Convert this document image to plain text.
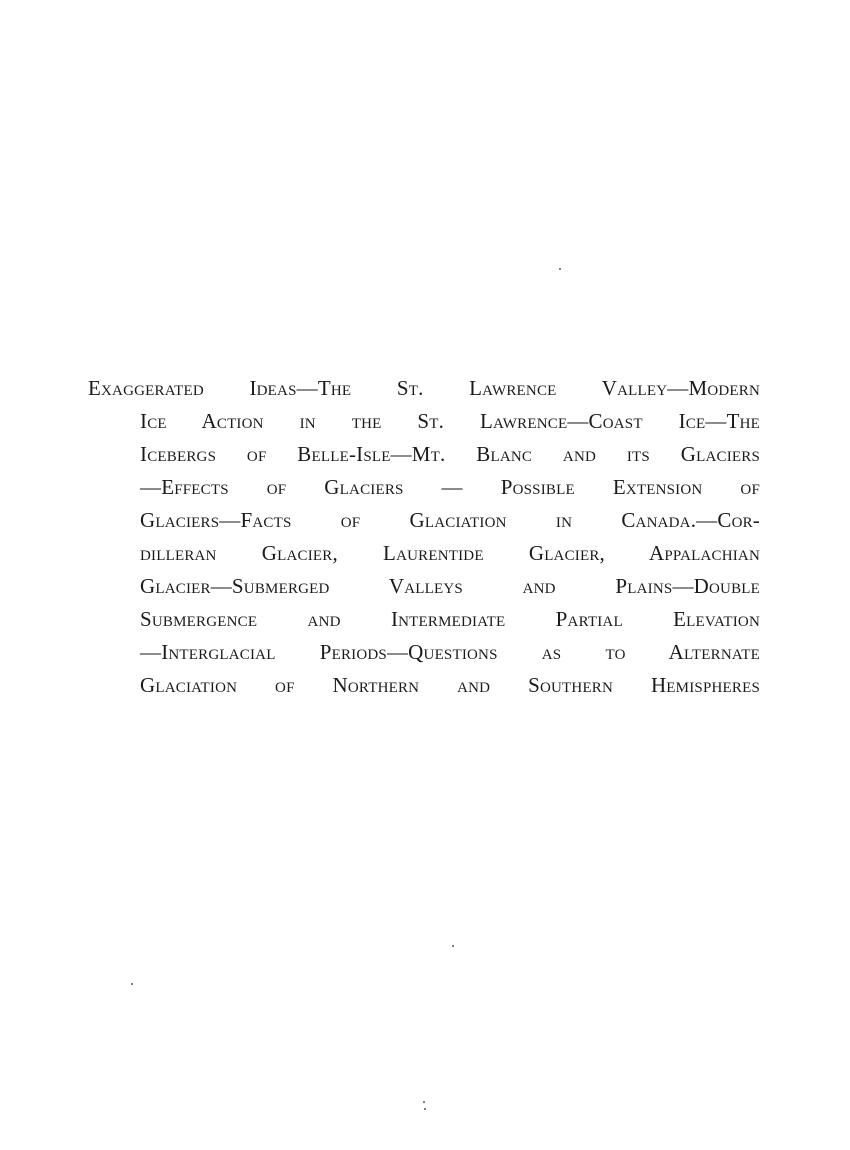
Exaggerated Ideas—The St. Lawrence Valley—Modern
Ice Action in the St. Lawrence—Coast Ice—The
Icebergs of Belle-Isle—Mt. Blanc and its Glaciers
—Effects of Glaciers — Possible Extension of
Glaciers—Facts of Glaciation in Canada.—Cor-
dilleran Glacier, Laurentide Glacier, Appalachian
Glacier—Submerged Valleys and Plains—Double
Submergence and Intermediate Partial Elevation
—Interglacial Periods—Questions as to Alternate
Glaciation of Northern and Southern Hemispheres
